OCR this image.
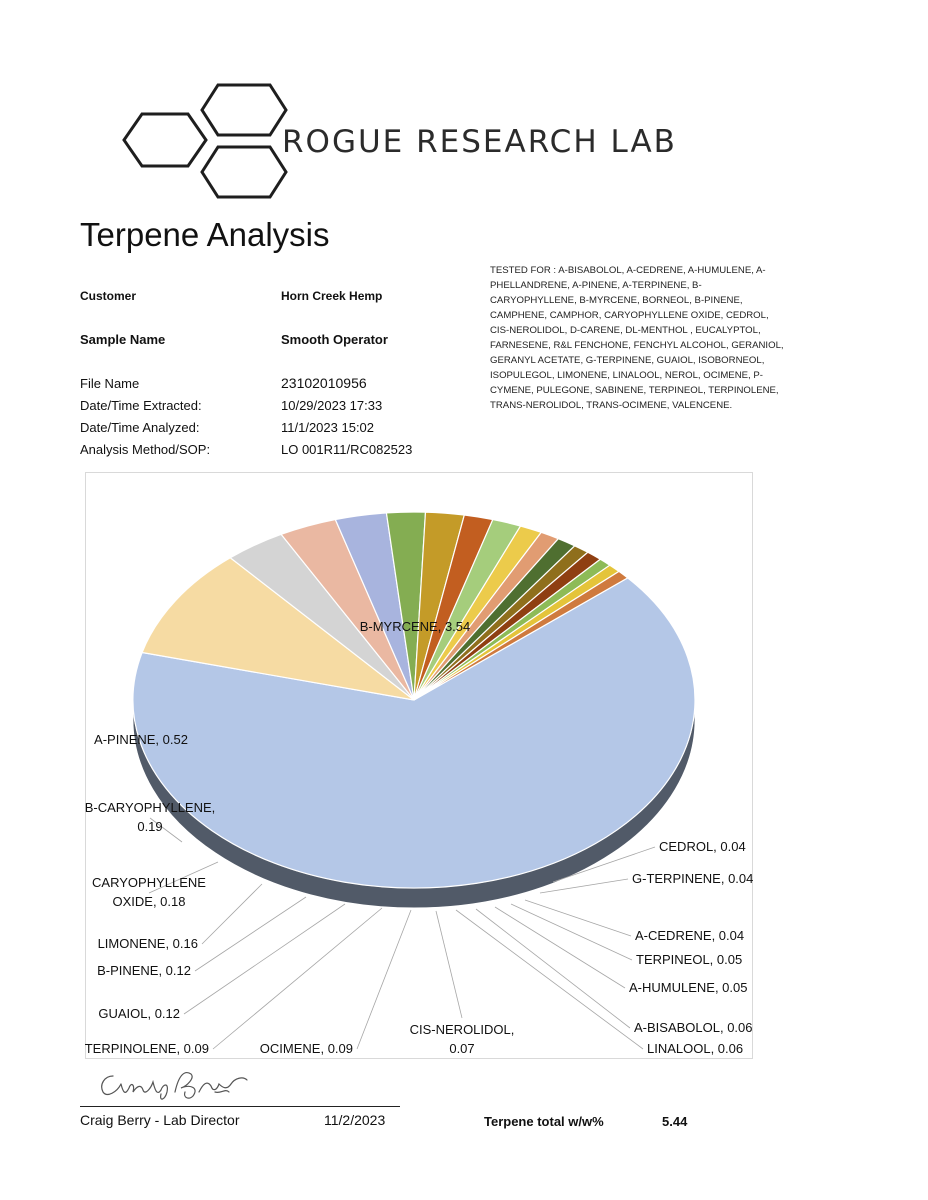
ROGUE RESEARCH LAB
Terpene Analysis
Customer	Horn Creek Hemp
Sample Name	Smooth Operator
File Name	23102010956
Date/Time Extracted:	10/29/2023 17:33
Date/Time Analyzed:	11/1/2023 15:02
Analysis Method/SOP:	LO 001R11/RC082523
TESTED FOR : A-BISABOLOL, A-CEDRENE, A-HUMULENE, A-PHELLANDRENE, A-PINENE, A-TERPINENE, B-CARYOPHYLLENE, B-MYRCENE, BORNEOL, B-PINENE, CAMPHENE, CAMPHOR, CARYOPHYLLENE OXIDE, CEDROL, CIS-NEROLIDOL, D-CARENE, DL-MENTHOL , EUCALYPTOL, FARNESENE, R&L FENCHONE, FENCHYL ALCOHOL, GERANIOL, GERANYL ACETATE, G-TERPINENE, GUAIOL, ISOBORNEOL, ISOPULEGOL, LIMONENE, LINALOOL, NEROL, OCIMENE, P-CYMENE, PULEGONE, SABINENE, TERPINEOL, TERPINOLENE, TRANS-NEROLIDOL, TRANS-OCIMENE, VALENCENE.
B-MYRCENE, 3.54
A-PINENE, 0.52
B-CARYOPHYLLENE, 0.19
CARYOPHYLLENE OXIDE, 0.18
LIMONENE, 0.16
B-PINENE, 0.12
GUAIOL, 0.12
TERPINOLENE, 0.09	OCIMENE, 0.09
CIS-NEROLIDOL, 0.07	LINALOOL, 0.06
A-BISABOLOL, 0.06
A-HUMULENE, 0.05
TERPINEOL, 0.05
A-CEDRENE, 0.04
G-TERPINENE, 0.04
CEDROL, 0.04
Craig Berry - Lab Director	11/2/2023	Terpene total w/w%	5.44
